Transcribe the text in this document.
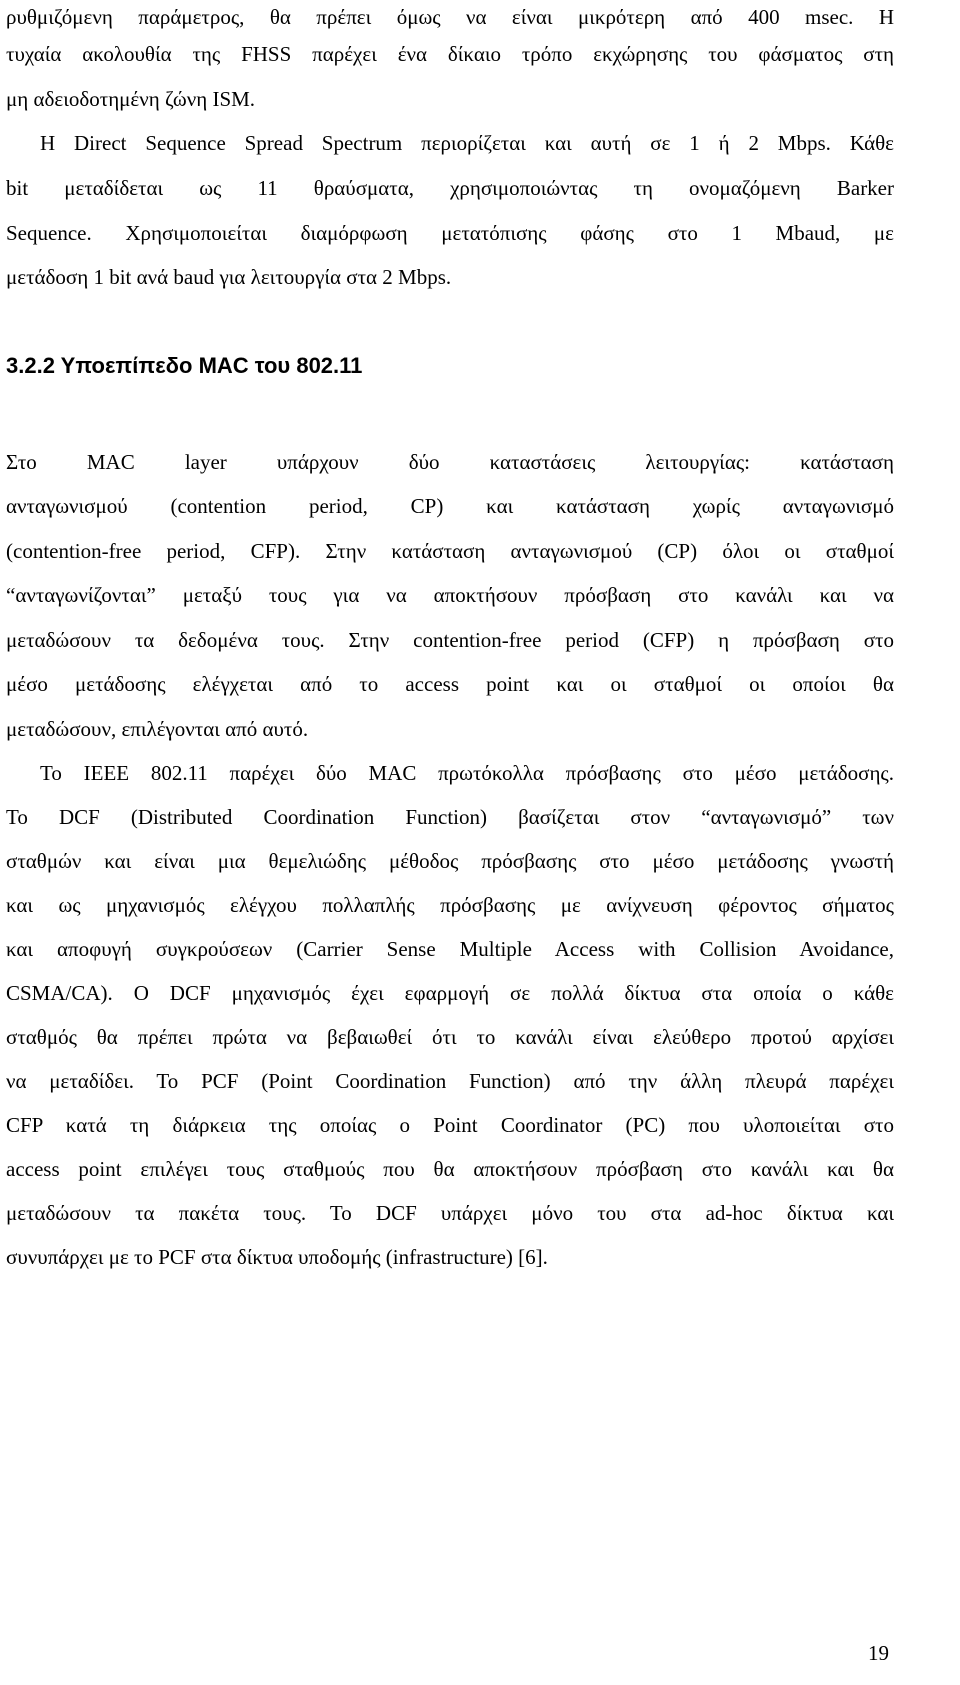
ρυθμιζόμενη παράμετρος, θα πρέπει όμως να είναι μικρότερη από 400 msec. Η

τυχαία ακολουθία της FHSS παρέχει ένα δίκαιο τρόπο εκχώρησης του φάσματος στη

μη αδειοδοτημένη ζώνη ISM.

Η Direct Sequence Spread Spectrum περιορίζεται και αυτή σε 1 ή 2 Mbps. Κάθε

bit μεταδίδεται ως 11 θραύσματα, χρησιμοποιώντας τη ονομαζόμενη Barker

Sequence. Χρησιμοποιείται διαμόρφωση μετατόπισης φάσης στο 1 Mbaud, με

μετάδοση 1 bit ανά baud για λειτουργία στα 2 Mbps.

3.2.2 Υποεπίπεδο MAC του 802.11

Στο MAC layer υπάρχουν δύο καταστάσεις λειτουργίας: κατάσταση

ανταγωνισμού (contention period, CP) και κατάσταση χωρίς ανταγωνισμό

(contention-free period, CFP). Στην κατάσταση ανταγωνισμού (CP) όλοι οι σταθμοί

“ανταγωνίζονται” μεταξύ τους για να αποκτήσουν πρόσβαση στο κανάλι και να

μεταδώσουν τα δεδομένα τους. Στην contention-free period (CFP) η πρόσβαση στο

μέσο μετάδοσης ελέγχεται από το access point και οι σταθμοί οι οποίοι θα

μεταδώσουν, επιλέγονται από αυτό.

Το IEEE 802.11 παρέχει δύο MAC πρωτόκολλα πρόσβασης στο μέσο μετάδοσης.

Το DCF (Distributed Coordination Function) βασίζεται στον “ανταγωνισμό” των

σταθμών και είναι μια θεμελιώδης μέθοδος πρόσβασης στο μέσο μετάδοσης γνωστή

και ως μηχανισμός ελέγχου πολλαπλής πρόσβασης με ανίχνευση φέροντος σήματος

και αποφυγή συγκρούσεων (Carrier Sense Multiple Access with Collision Avoidance,

CSMA/CA). Ο DCF μηχανισμός έχει εφαρμογή σε πολλά δίκτυα στα οποία ο κάθε

σταθμός θα πρέπει πρώτα να βεβαιωθεί ότι το κανάλι είναι ελεύθερο προτού αρχίσει

να μεταδίδει. Το PCF (Point Coordination Function) από την άλλη πλευρά παρέχει

CFP κατά τη διάρκεια της οποίας ο Point Coordinator (PC) που υλοποιείται στο

access point επιλέγει τους σταθμούς που θα αποκτήσουν πρόσβαση στο κανάλι και θα

μεταδώσουν τα πακέτα τους. Το DCF υπάρχει μόνο του στα ad-hoc δίκτυα και

συνυπάρχει με το PCF στα δίκτυα υποδομής (infrastructure) [6].

19
